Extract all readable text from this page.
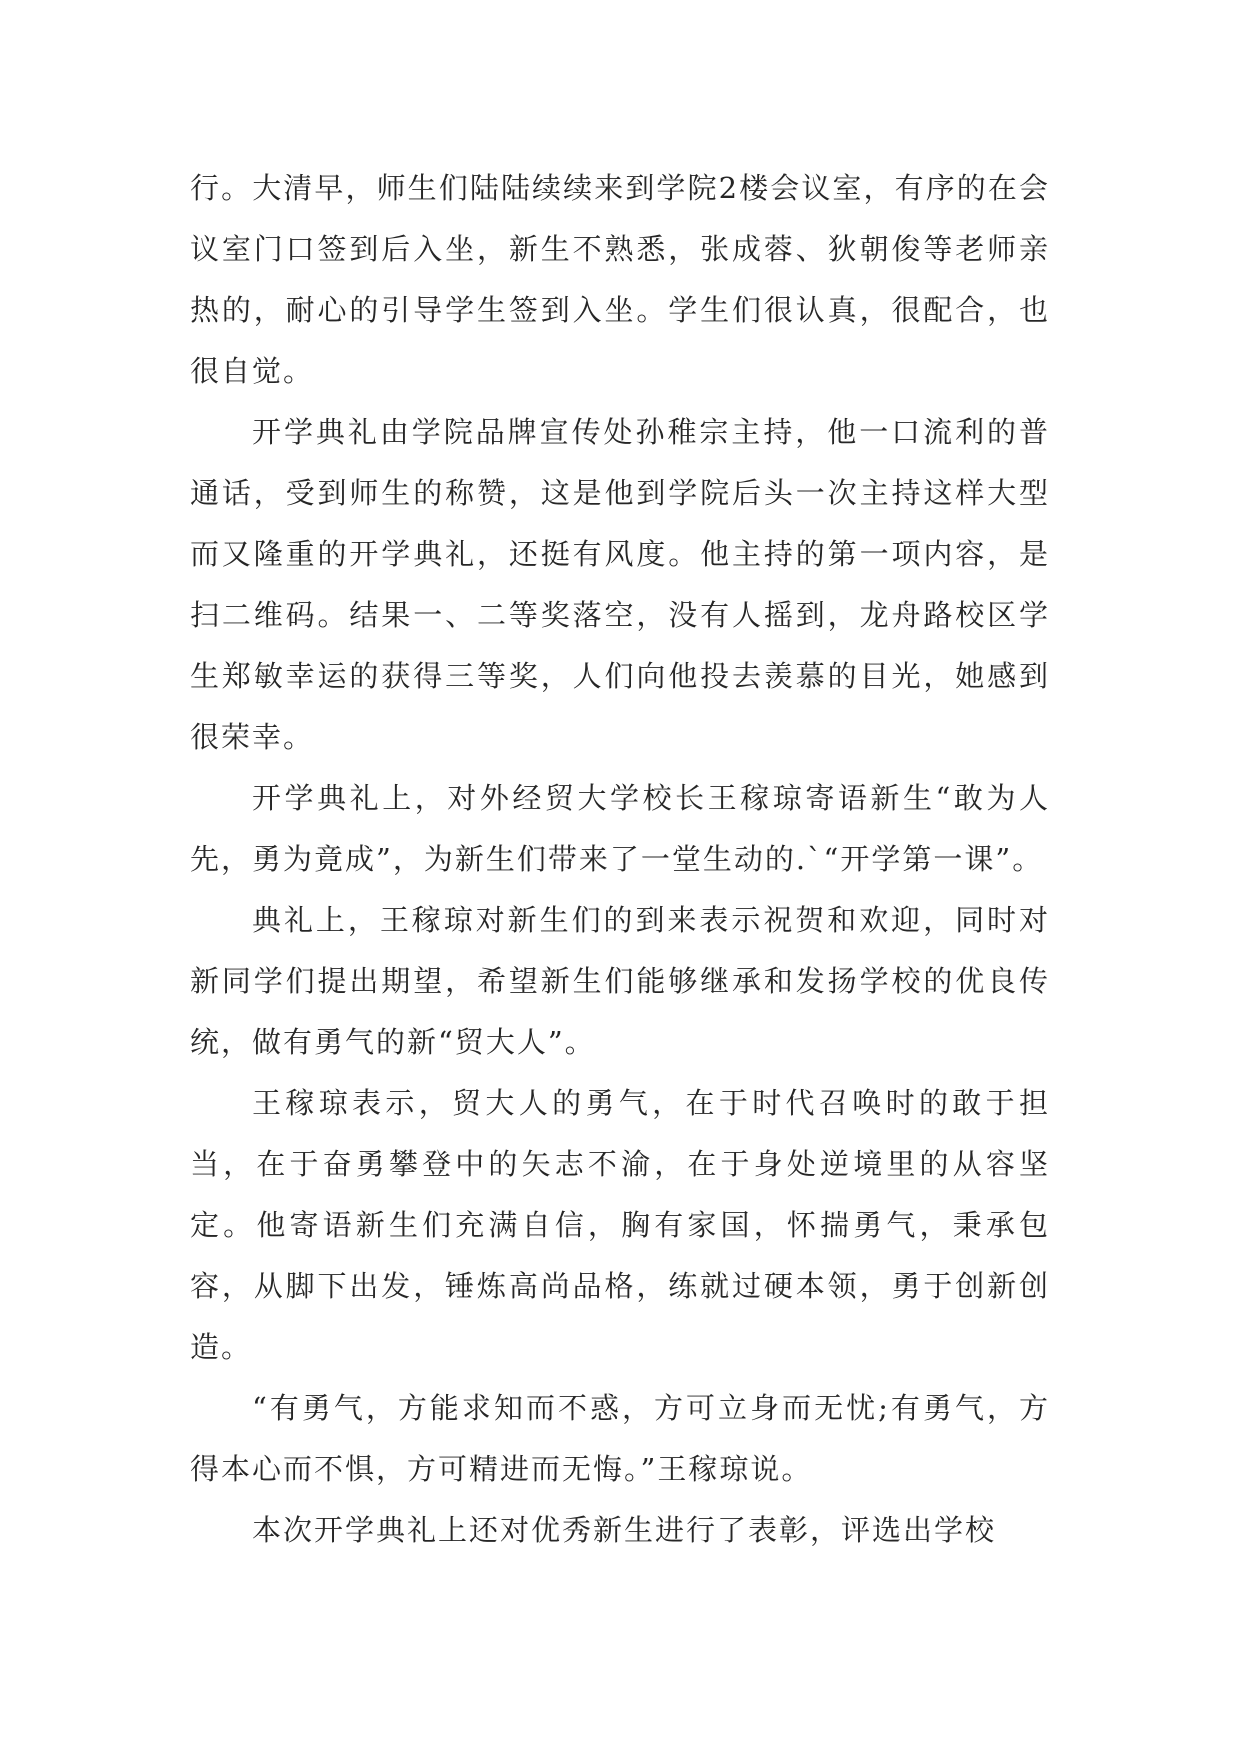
行。大清早，师生们陆陆续续来到学院2楼会议室，有序的在会议室门口签到后入坐，新生不熟悉，张成蓉、狄朝俊等老师亲热的，耐心的引导学生签到入坐。学生们很认真，很配合，也很自觉。

开学典礼由学院品牌宣传处孙稚宗主持，他一口流利的普通话，受到师生的称赞，这是他到学院后头一次主持这样大型而又隆重的开学典礼，还挺有风度。他主持的第一项内容，是扫二维码。结果一、二等奖落空，没有人摇到，龙舟路校区学生郑敏幸运的获得三等奖，人们向他投去羡慕的目光，她感到很荣幸。

开学典礼上，对外经贸大学校长王稼琼寄语新生“敢为人先，勇为竟成”，为新生们带来了一堂生动的.`“开学第一课”。

典礼上，王稼琼对新生们的到来表示祝贺和欢迎，同时对新同学们提出期望，希望新生们能够继承和发扬学校的优良传统，做有勇气的新“贸大人”。

王稼琼表示，贸大人的勇气，在于时代召唤时的敢于担当，在于奋勇攀登中的矢志不渝，在于身处逆境里的从容坚定。他寄语新生们充满自信，胸有家国，怀揣勇气，秉承包容，从脚下出发，锤炼高尚品格，练就过硬本领，勇于创新创造。

“有勇气，方能求知而不惑，方可立身而无忧;有勇气，方得本心而不惧，方可精进而无悔。”王稼琼说。

本次开学典礼上还对优秀新生进行了表彰，评选出学校
